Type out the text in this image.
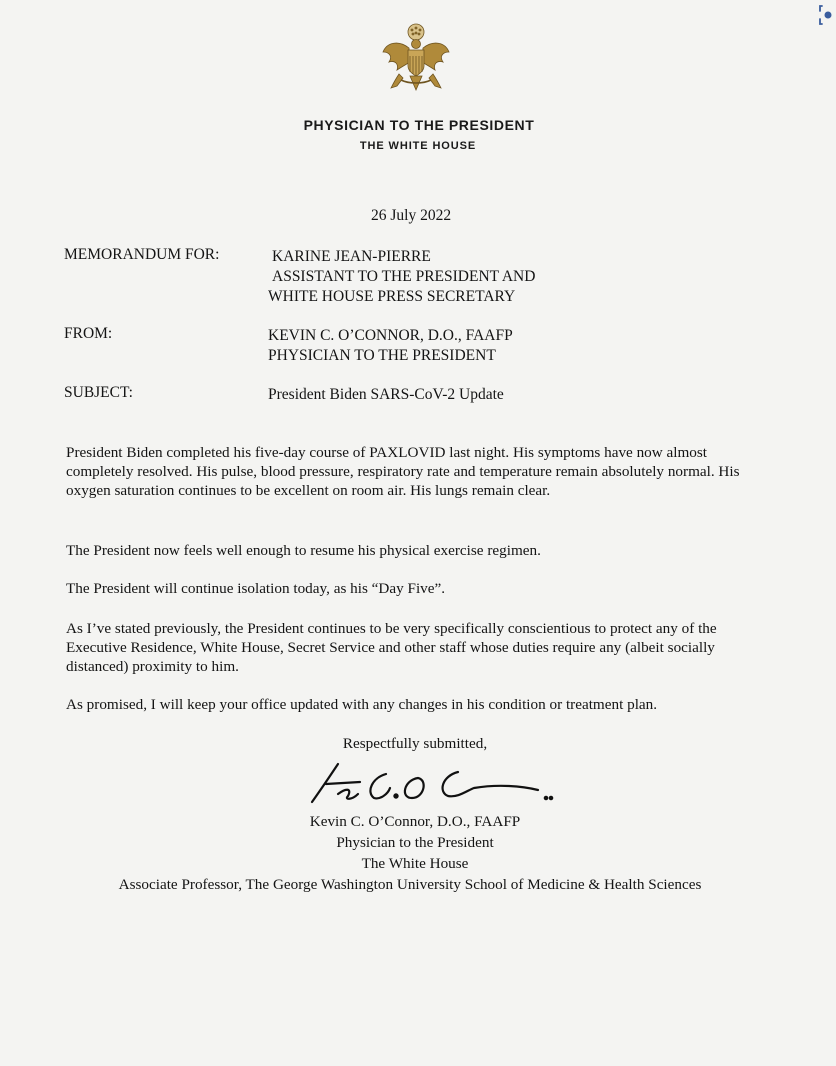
PHYSICIAN TO THE PRESIDENT
THE WHITE HOUSE
26 July 2022
MEMORANDUM FOR:	KARINE JEAN-PIERRE
ASSISTANT TO THE PRESIDENT AND
WHITE HOUSE PRESS SECRETARY
FROM:	KEVIN C. O’CONNOR, D.O., FAAFP
PHYSICIAN TO THE PRESIDENT
SUBJECT:	President Biden SARS-CoV-2 Update
President Biden completed his five-day course of PAXLOVID last night. His symptoms have now almost completely resolved. His pulse, blood pressure, respiratory rate and temperature remain absolutely normal. His oxygen saturation continues to be excellent on room air. His lungs remain clear.
The President now feels well enough to resume his physical exercise regimen.
The President will continue isolation today, as his “Day Five”.
As I’ve stated previously, the President continues to be very specifically conscientious to protect any of the Executive Residence, White House, Secret Service and other staff whose duties require any (albeit socially distanced) proximity to him.
As promised, I will keep your office updated with any changes in his condition or treatment plan.
Respectfully submitted,
Kevin C. O’Connor, D.O., FAAFP
Physician to the President
The White House
Associate Professor, The George Washington University School of Medicine & Health Sciences
